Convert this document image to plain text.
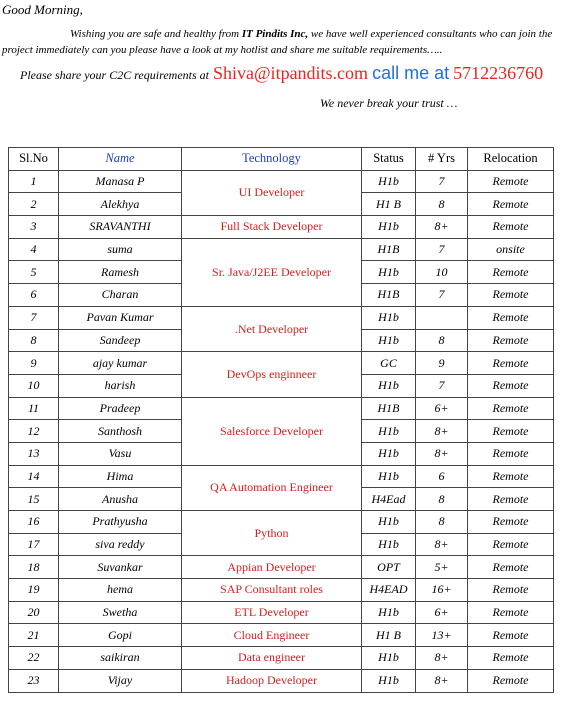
Good Morning,
Wishing you are safe and healthy from IT Pindits Inc, we have well experienced consultants who can join the project immediately can you please have a look at my hotlist and share me suitable requirements…..
Please share your C2C requirements at Shiva@itpandits.com call me at 5712236760
We never break your trust …
Sl.No	Name	Technology	Status	# Yrs	Relocation
1	Manasa P	UI Developer	H1b	7	Remote
2	Alekhya		H1 B	8	Remote
3	SRAVANTHI	Full Stack Developer	H1b	8+	Remote
4	suma	Sr. Java/J2EE Developer	H1B	7	onsite
5	Ramesh		H1b	10	Remote
6	Charan		H1B	7	Remote
7	Pavan Kumar	.Net Developer	H1b		Remote
8	Sandeep		H1b	8	Remote
9	ajay kumar	DevOps enginneer	GC	9	Remote
10	harish		H1b	7	Remote
11	Pradeep	Salesforce Developer	H1B	6+	Remote
12	Santhosh		H1b	8+	Remote
13	Vasu		H1b	8+	Remote
14	Hima	QA Automation Engineer	H1b	6	Remote
15	Anusha		H4Ead	8	Remote
16	Prathyusha	Python	H1b	8	Remote
17	siva reddy		H1b	8+	Remote
18	Suvankar	Appian Developer	OPT	5+	Remote
19	hema	SAP Consultant roles	H4EAD	16+	Remote
20	Swetha	ETL Developer	H1b	6+	Remote
21	Gopi	Cloud Engineer	H1 B	13+	Remote
22	saikiran	Data engineer	H1b	8+	Remote
23	Vijay	Hadoop Developer	H1b	8+	Remote
